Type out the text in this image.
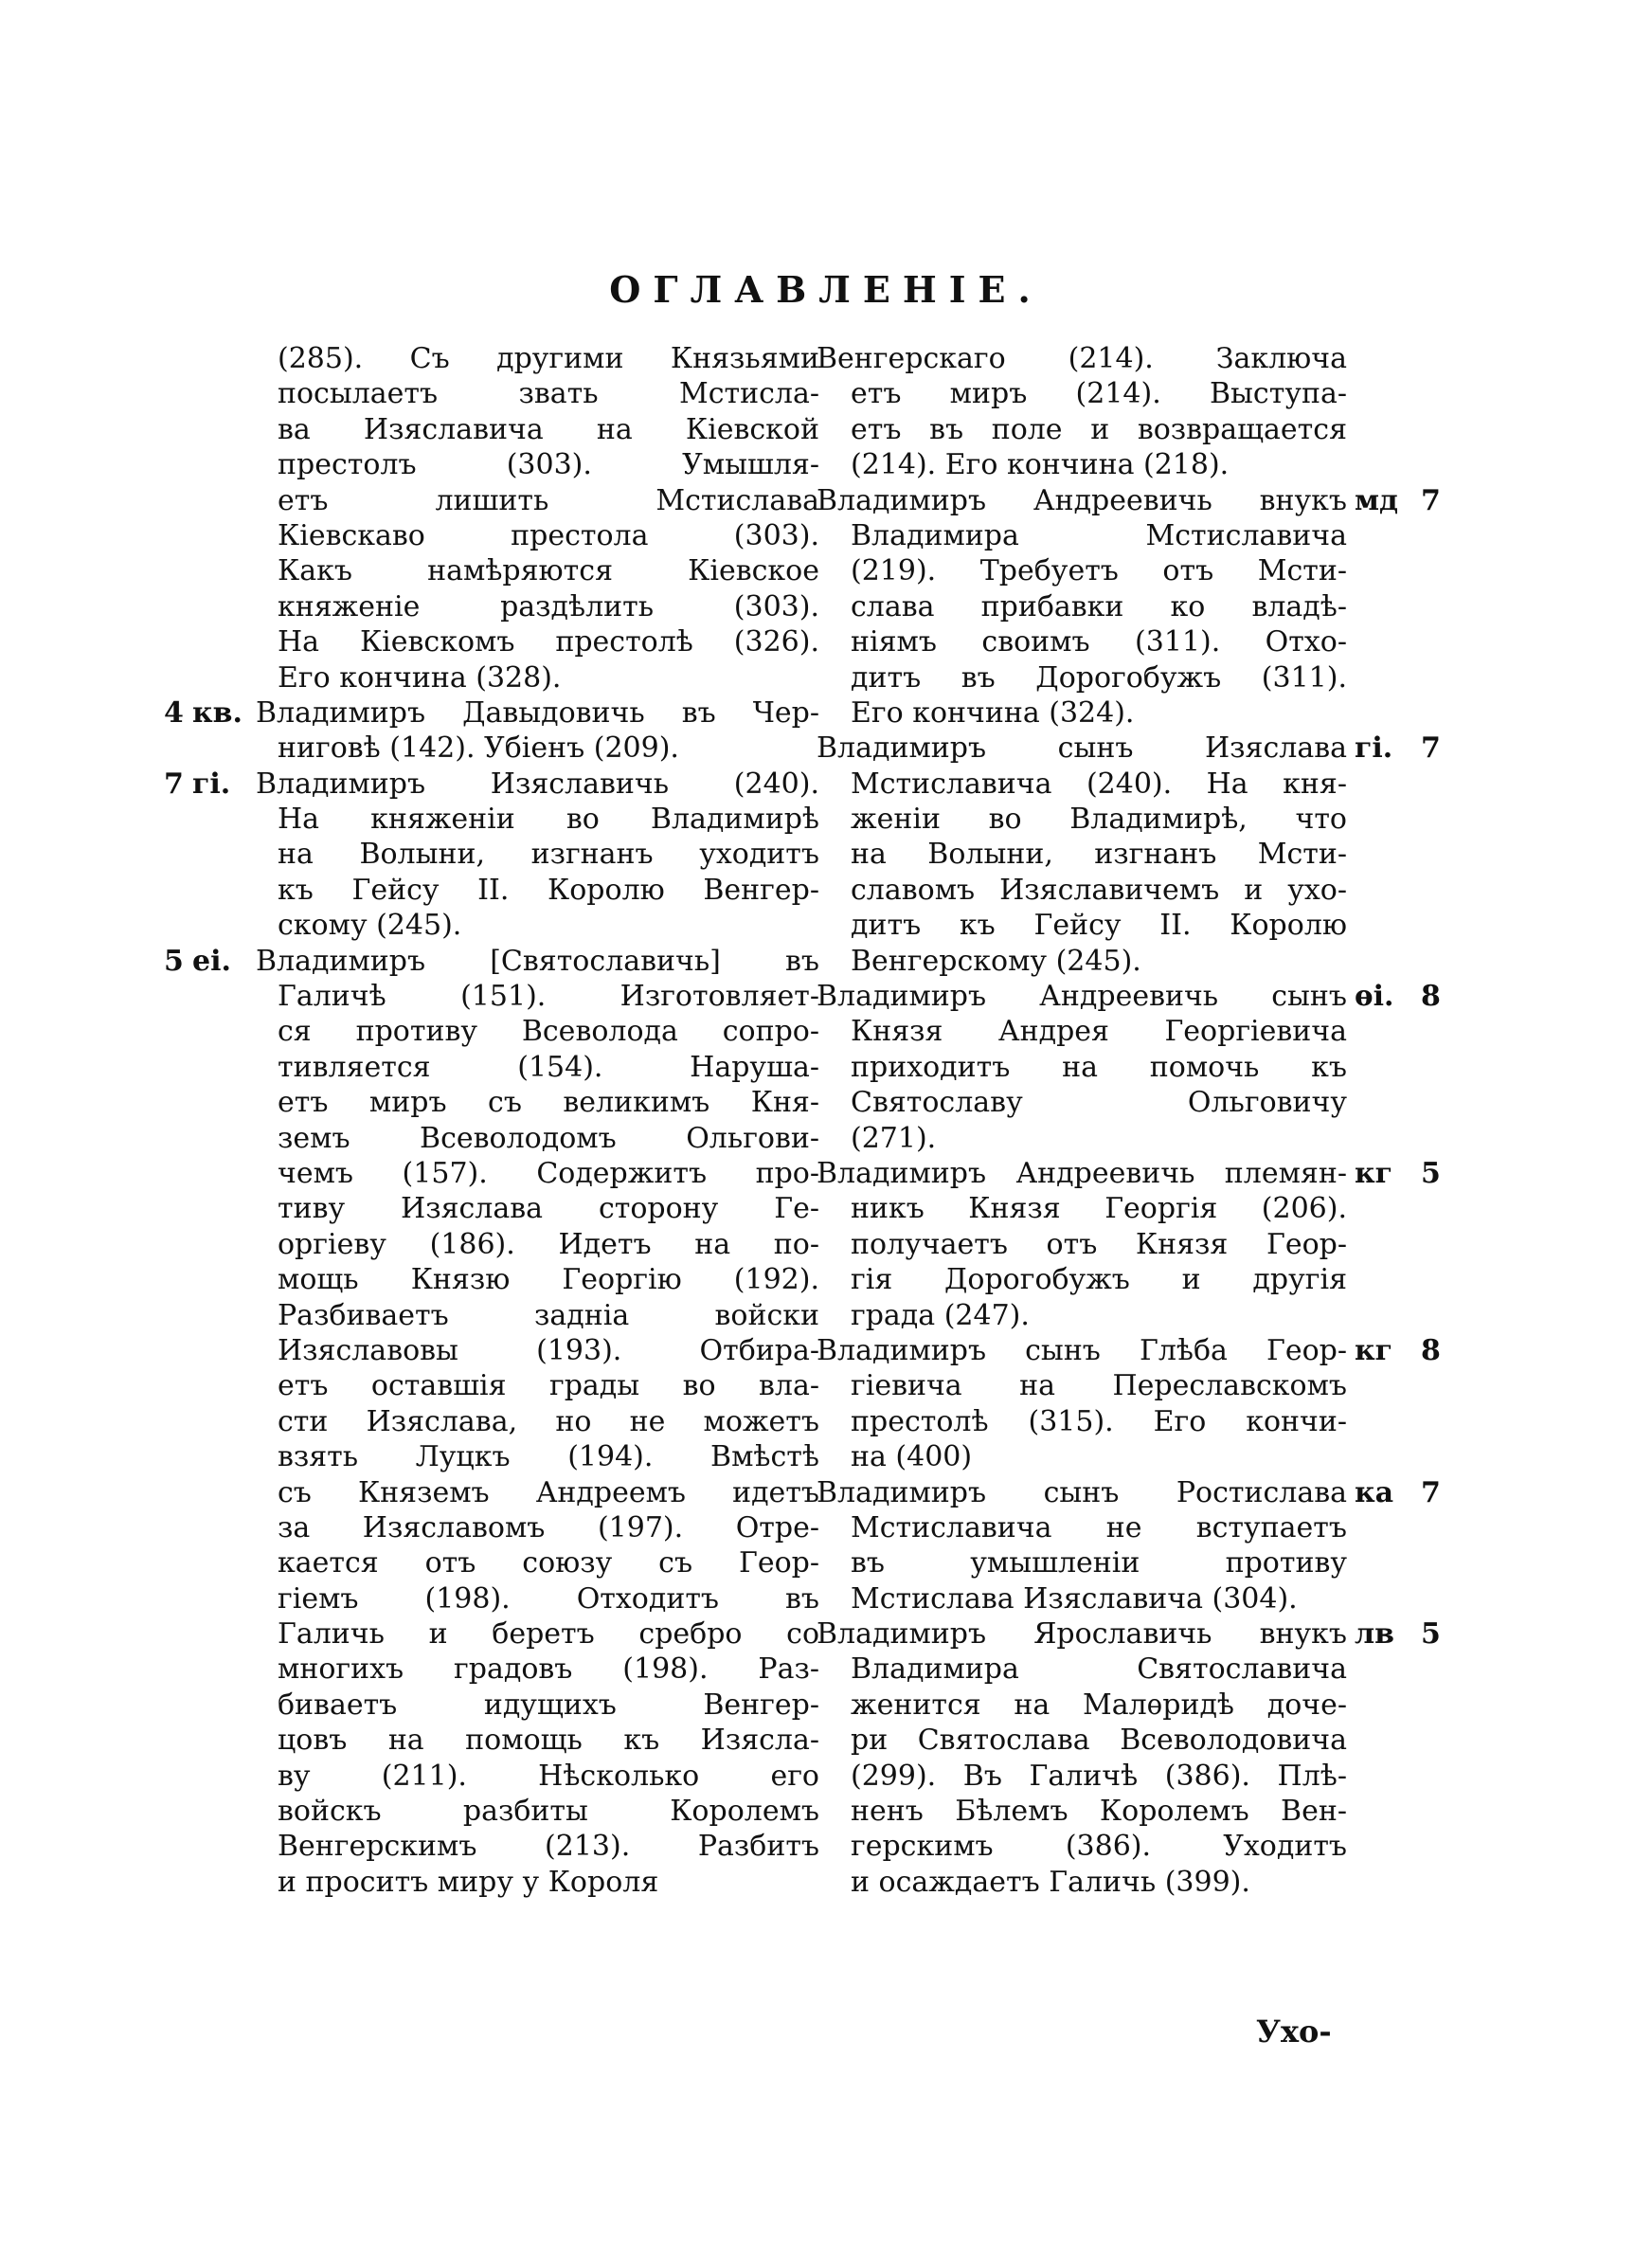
ОГЛАВЛЕНІЕ.
(285). Съ другими Князьями
посылаетъ звать Мстисла-
ва Изяславича на Кіевской
престолъ (303). Умышля-
етъ лишить Мстислава
Кіевскаво престола (303).
Какъ намѣряются Кіевское
княженіе раздѣлить (303).
На Кіевскомъ престолѣ (326).
Его кончина (328).
Владимиръ Давыдовичь въ Чер-
4 кв.
ниговѣ (142). Убіенъ (209).
Владимиръ Изяславичь (240).
7 гі.
На княженіи во Владимирѣ
на Волыни, изгнанъ уходитъ
къ Гейсу II. Королю Венгер-
скому (245).
Владимиръ [Святославичь] въ
5 еі.
Галичѣ (151). Изготовляет-
ся противу Всеволода сопро-
тивляется (154). Наруша-
етъ миръ съ великимъ Кня-
земъ Всеволодомъ Ольгови-
чемъ (157). Содержитъ про-
тиву Изяслава сторону Ге-
оргіеву (186). Идетъ на по-
мощь Князю Георгію (192).
Разбиваетъ задніа войски
Изяславовы (193). Отбира-
етъ оставшія грады во вла-
сти Изяслава, но не можетъ
взять Луцкъ (194). Вмѣстѣ
съ Княземъ Андреемъ идетъ
за Изяславомъ (197). Отре-
кается отъ союзу съ Геор-
гіемъ (198). Отходитъ въ
Галичь и беретъ сребро со
многихъ градовъ (198). Раз-
биваетъ идущихъ Венгер-
цовъ на помощь къ Изясла-
ву (211). Нѣсколько его
войскъ разбиты Королемъ
Венгерскимъ (213). Разбитъ
и проситъ миру у Короля
Венгерскаго (214). Заключа
етъ миръ (214). Выступа-
етъ въ поле и возвращается
(214). Его кончина (218).
Владимиръ Андреевичь внукъ мд 7
Владимира Мстиславича
(219). Требуетъ отъ Мсти-
слава прибавки ко владѣ-
ніямъ своимъ (311). Отхо-
дитъ въ Дорогобужъ (311).
Его кончина (324).
Владимиръ сынъ Изяслава гі. 7
Мстиславича (240). На кня-
женіи во Владимирѣ, что
на Волыни, изгнанъ Мсти-
славомъ Изяславичемъ и ухо-
дитъ къ Гейсу II. Королю
Венгерскому (245).
Владимиръ Андреевичь сынъ ѳі. 8
Князя Андрея Георгіевича
приходитъ на помочь къ
Святославу Ольговичу
(271).
Владимиръ Андреевичь племян- кг 5
никъ Князя Георгія (206).
получаетъ отъ Князя Геор-
гія Дорогобужъ и другія
града (247).
Владимиръ сынъ Глѣба Геор- кг 8
гіевича на Переславскомъ
престолѣ (315). Его кончи-
на (400)
Владимиръ сынъ Ростислава ка 7
Мстиславича не вступаетъ
въ умышленіи противу
Мстислава Изяславича (304).
Владимиръ Ярославичь внукъ лв 5
Владимира Святославича
женится на Малѳридѣ доче-
ри Святослава Всеволодовича
(299). Въ Галичѣ (386). Плѣ-
ненъ Бѣлемъ Королемъ Вен-
герскимъ (386). Уходитъ
и осаждаетъ Галичь (399).
Ухо-
